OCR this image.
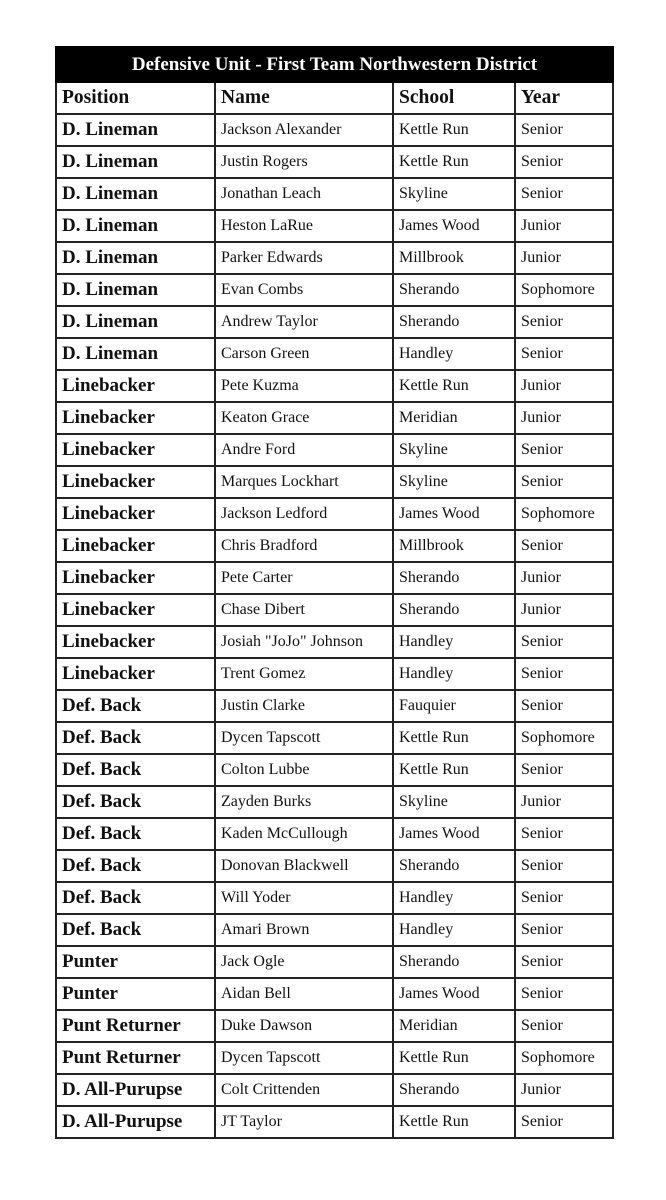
Defensive Unit - First Team Northwestern District			
Position	Name	School	Year
D. Lineman	Jackson Alexander	Kettle Run	Senior
D. Lineman	Justin Rogers	Kettle Run	Senior
D. Lineman	Jonathan Leach	Skyline	Senior
D. Lineman	Heston LaRue	James Wood	Junior
D. Lineman	Parker Edwards	Millbrook	Junior
D. Lineman	Evan Combs	Sherando	Sophomore
D. Lineman	Andrew Taylor	Sherando	Senior
D. Lineman	Carson Green	Handley	Senior
Linebacker	Pete Kuzma	Kettle Run	Junior
Linebacker	Keaton Grace	Meridian	Junior
Linebacker	Andre Ford	Skyline	Senior
Linebacker	Marques Lockhart	Skyline	Senior
Linebacker	Jackson Ledford	James Wood	Sophomore
Linebacker	Chris Bradford	Millbrook	Senior
Linebacker	Pete Carter	Sherando	Junior
Linebacker	Chase Dibert	Sherando	Junior
Linebacker	Josiah "JoJo" Johnson	Handley	Senior
Linebacker	Trent Gomez	Handley	Senior
Def. Back	Justin Clarke	Fauquier	Senior
Def. Back	Dycen Tapscott	Kettle Run	Sophomore
Def. Back	Colton Lubbe	Kettle Run	Senior
Def. Back	Zayden Burks	Skyline	Junior
Def. Back	Kaden McCullough	James Wood	Senior
Def. Back	Donovan Blackwell	Sherando	Senior
Def. Back	Will Yoder	Handley	Senior
Def. Back	Amari Brown	Handley	Senior
Punter	Jack Ogle	Sherando	Senior
Punter	Aidan Bell	James Wood	Senior
Punt Returner	Duke Dawson	Meridian	Senior
Punt Returner	Dycen Tapscott	Kettle Run	Sophomore
D. All-Purupse	Colt Crittenden	Sherando	Junior
D. All-Purupse	JT Taylor	Kettle Run	Senior
